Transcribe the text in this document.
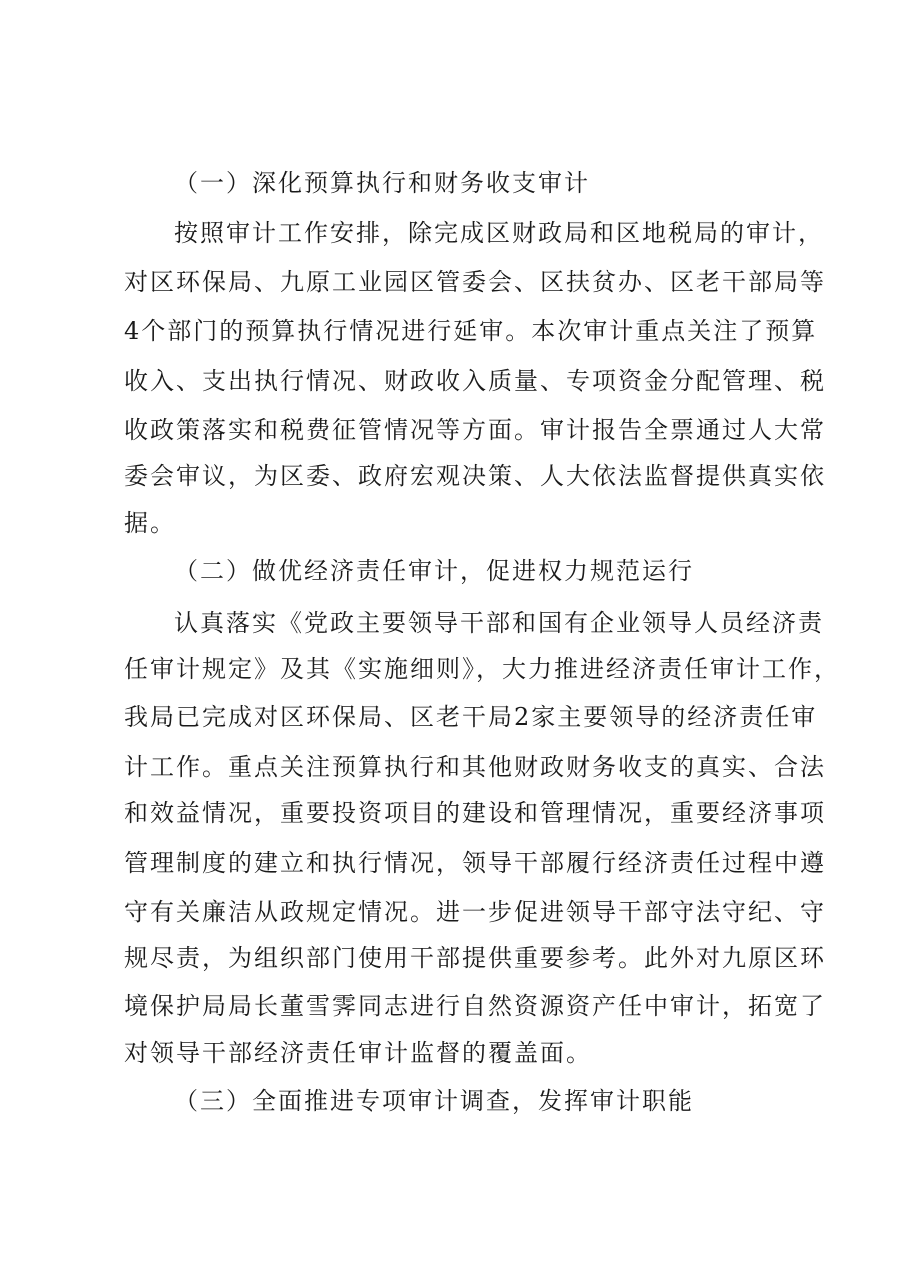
（一）深化预算执行和财务收支审计

按照审计工作安排，除完成区财政局和区地税局的审计，

对区环保局、九原工业园区管委会、区扶贫办、区老干部局等

4个部门的预算执行情况进行延审。本次审计重点关注了预算

收入、支出执行情况、财政收入质量、专项资金分配管理、税

收政策落实和税费征管情况等方面。审计报告全票通过人大常

委会审议，为区委、政府宏观决策、人大依法监督提供真实依

据。

（二）做优经济责任审计，促进权力规范运行

认真落实《党政主要领导干部和国有企业领导人员经济责

任审计规定》及其《实施细则》，大力推进经济责任审计工作，

我局已完成对区环保局、区老干局2家主要领导的经济责任审

计工作。重点关注预算执行和其他财政财务收支的真实、合法

和效益情况，重要投资项目的建设和管理情况，重要经济事项

管理制度的建立和执行情况，领导干部履行经济责任过程中遵

守有关廉洁从政规定情况。进一步促进领导干部守法守纪、守

规尽责，为组织部门使用干部提供重要参考。此外对九原区环

境保护局局长董雪霁同志进行自然资源资产任中审计，拓宽了

对领导干部经济责任审计监督的覆盖面。

（三）全面推进专项审计调查，发挥审计职能
